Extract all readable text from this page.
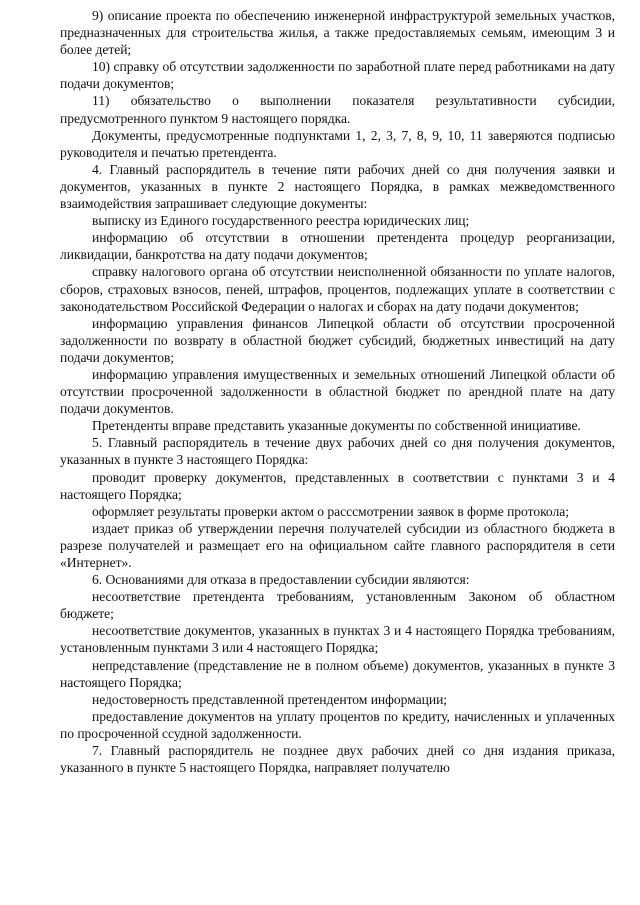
9) описание проекта по обеспечению инженерной инфраструктурой земельных участков, предназначенных для строительства жилья, а также предоставляемых семьям, имеющим 3 и более детей;

10) справку об отсутствии задолженности по заработной плате перед работниками на дату подачи документов;

11) обязательство о выполнении показателя результативности субсидии, предусмотренного пунктом 9 настоящего порядка.

Документы, предусмотренные подпунктами 1, 2, 3, 7, 8, 9, 10, 11 заверяются подписью руководителя и печатью претендента.

4. Главный распорядитель в течение пяти рабочих дней со дня получения заявки и документов, указанных в пункте 2 настоящего Порядка, в рамках межведомственного взаимодействия запрашивает следующие документы:

выписку из Единого государственного реестра юридических лиц;

информацию об отсутствии в отношении претендента процедур реорганизации, ликвидации, банкротства на дату подачи документов;

справку налогового органа об отсутствии неисполненной обязанности по уплате налогов, сборов, страховых взносов, пеней, штрафов, процентов, подлежащих уплате в соответствии с законодательством Российской Федерации о налогах и сборах на дату подачи документов;

информацию управления финансов Липецкой области об отсутствии просроченной задолженности по возврату в областной бюджет субсидий, бюджетных инвестиций на дату подачи документов;

информацию управления имущественных и земельных отношений Липецкой области об отсутствии просроченной задолженности в областной бюджет по арендной плате на дату подачи документов.

Претенденты вправе представить указанные документы по собственной инициативе.

5. Главный распорядитель в течение двух рабочих дней со дня получения документов, указанных в пункте 3 настоящего Порядка:

проводит проверку документов, представленных в соответствии с пунктами 3 и 4 настоящего Порядка;

оформляет результаты проверки актом о расссмотрении заявок в форме протокола;

издает приказ об утверждении перечня получателей субсидии из областного бюджета в разрезе получателей и размещает его на официальном сайте главного распорядителя в сети «Интернет».

6. Основаниями для отказа в предоставлении субсидии являются:

несоответствие претендента требованиям, установленным Законом об областном бюджете;

несоответствие документов, указанных в пунктах 3 и 4 настоящего Порядка требованиям, установленным пунктами 3 или 4 настоящего Порядка;

непредставление (представление не в полном объеме) документов, указанных в пункте 3 настоящего Порядка;

недостоверность представленной претендентом информации;

предоставление документов на уплату процентов по кредиту, начисленных и уплаченных по просроченной ссудной задолженности.

7. Главный распорядитель не позднее двух рабочих дней со дня издания приказа, указанного в пункте 5 настоящего Порядка, направляет получателю
